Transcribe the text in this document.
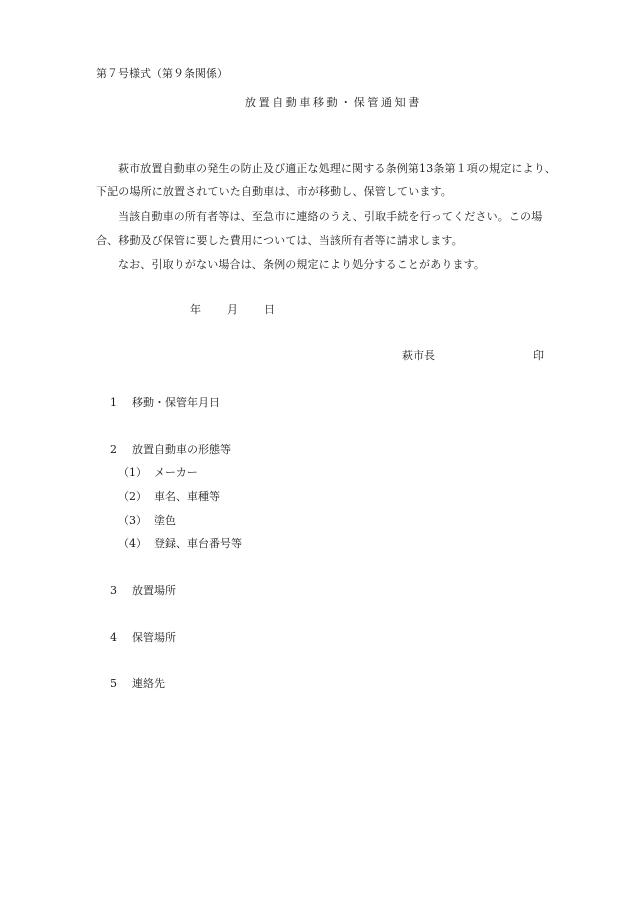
第７号様式（第９条関係）
放置自動車移動・保管通知書
萩市放置自動車の発生の防止及び適正な処理に関する条例第13条第１項の規定により、
下記の場所に放置されていた自動車は、市が移動し、保管しています。
当該自動車の所有者等は、至急市に連絡のうえ、引取手続を行ってください。この場
合、移動及び保管に要した費用については、当該所有者等に請求します。
なお、引取りがない場合は、条例の規定により処分することがあります。
年 月 日
萩市長	印
1 移動・保管年月日
2 放置自動車の形態等
（1） メーカー
（2） 車名、車種等
（3） 塗色
（4） 登録、車台番号等
3 放置場所
4 保管場所
5 連絡先
